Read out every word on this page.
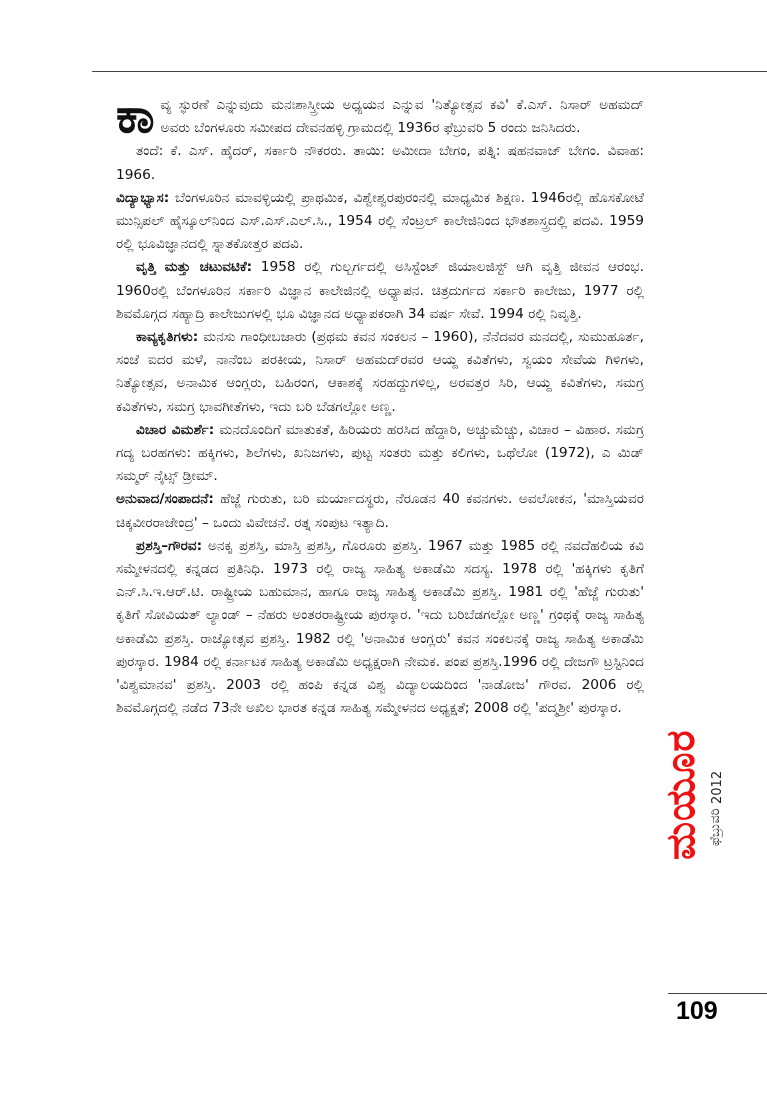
ಕಾವ್ಯ ಸ್ಫುರಣೆ ಎನ್ನುವುದು ಮನಃಶಾಸ್ತ್ರೀಯ ಅಧ್ಯಯನ ಎನ್ನುವ 'ನಿತ್ಯೋತ್ಸವ ಕವಿ' ಕೆ.ಎಸ್. ನಿಸಾರ್ ಅಹಮದ್ ಅವರು ಬೆಂಗಳೂರು ಸಮೀಪದ ದೇವನಹಳ್ಳಿ ಗ್ರಾಮದಲ್ಲಿ 1936ರ ಫೆಬ್ರುವರಿ 5 ರಂದು ಜನಿಸಿದರು.

ತಂದೆ: ಕೆ. ಎಸ್. ಹೈದರ್, ಸರ್ಕಾರಿ ನೌಕರರು. ತಾಯಿ: ಅಮೀದಾ ಬೇಗಂ, ಪತ್ನಿ: ಷಹನವಾಜ್ ಬೇಗಂ. ವಿವಾಹ: 1966.

ವಿದ್ಯಾಭ್ಯಾಸ: ಬೆಂಗಳೂರಿನ ಮಾವಳ್ಳಿಯಲ್ಲಿ ಪ್ರಾಥಮಿಕ, ವಿಶ್ವೇಶ್ವರಪುರಂನಲ್ಲಿ ಮಾಧ್ಯಮಿಕ ಶಿಕ್ಷಣ. 1946ರಲ್ಲಿ ಹೊಸಕೋಟೆ ಮುನ್ಸಿಪಲ್ ಹೈಸ್ಕೂಲ್‌ನಿಂದ ಎಸ್.ಎಸ್.ಎಲ್.ಸಿ., 1954 ರಲ್ಲಿ ಸೆಂಟ್ರಲ್ ಕಾಲೇಜಿನಿಂದ ಭೌತಶಾಸ್ತ್ರದಲ್ಲಿ ಪದವಿ. 1959 ರಲ್ಲಿ ಭೂವಿಜ್ಞಾನದಲ್ಲಿ ಸ್ನಾತಕೋತ್ತರ ಪದವಿ.

ವೃತ್ತಿ ಮತ್ತು ಚಟುವಟಿಕೆ: 1958 ರಲ್ಲಿ ಗುಲ್ಬರ್ಗದಲ್ಲಿ ಅಸಿಸ್ಟೆಂಟ್ ಜಿಯಾಲಜಿಸ್ಟ್ ಆಗಿ ವೃತ್ತಿ ಜೀವನ ಆರಂಭ. 1960ರಲ್ಲಿ ಬೆಂಗಳೂರಿನ ಸರ್ಕಾರಿ ವಿಜ್ಞಾನ ಕಾಲೇಜಿನಲ್ಲಿ ಅಧ್ಯಾಪನ. ಚಿತ್ರದುರ್ಗದ ಸರ್ಕಾರಿ ಕಾಲೇಜು, 1977 ರಲ್ಲಿ ಶಿವಮೊಗ್ಗದ ಸಹ್ಯಾದ್ರಿ ಕಾಲೇಜುಗಳಲ್ಲಿ ಭೂ ವಿಜ್ಞಾನದ ಅಧ್ಯಾಪಕರಾಗಿ 34 ವರ್ಷ ಸೇವೆ. 1994 ರಲ್ಲಿ ನಿವೃತ್ತಿ.

ಕಾವ್ಯಕೃತಿಗಳು: ಮನಸು ಗಾಂಧೀಬಜಾರು (ಪ್ರಥಮ ಕವನ ಸಂಕಲನ – 1960), ನೆನೆದವರ ಮನದಲ್ಲಿ, ಸುಮುಹೂರ್ತ, ಸಂಜೆ ಐದರ ಮಳೆ, ನಾನೆಂಬ ಪರಕೀಯ, ನಿಸಾರ್ ಅಹಮದ್‌ರವರ ಆಯ್ದ ಕವಿತೆಗಳು, ಸ್ವಯಂ ಸೇವೆಯ ಗಿಳಿಗಳು, ನಿತ್ಯೋತ್ಸವ, ಅನಾಮಿಕ ಆಂಗ್ಲರು, ಬಹಿರಂಗ, ಆಕಾಶಕ್ಕೆ ಸರಹದ್ದುಗಳಿಲ್ಲ, ಅರವತ್ತರ ಸಿರಿ, ಆಯ್ದ ಕವಿತೆಗಳು, ಸಮಗ್ರ ಕವಿತೆಗಳು, ಸಮಗ್ರ ಭಾವಗೀತೆಗಳು, ಇದು ಬರಿ ಬೆಡಗಲ್ಲೋ ಅಣ್ಣ.

ವಿಚಾರ ವಿಮರ್ಶೆ: ಮನದೊಂದಿಗೆ ಮಾತುಕತೆ, ಹಿರಿಯರು ಹರಸಿದ ಹೆದ್ದಾರಿ, ಅಚ್ಚುಮೆಚ್ಚು, ವಿಚಾರ – ವಿಹಾರ. ಸಮಗ್ರ ಗದ್ಯ ಬರಹಗಳು: ಹಕ್ಕಿಗಳು, ಶಿಲೆಗಳು, ಖನಿಜಗಳು, ಪುಟ್ಟ ಸಂತರು ಮತ್ತು ಕಲಿಗಳು, ಒಥೆಲೋ (1972), ಎ ಮಿಡ್ ಸಮ್ಮರ್ ನೈಟ್ಸ್ ಡ್ರೀಮ್.

ಅನುವಾದ/ಸಂಪಾದನೆ: ಹೆಜ್ಜೆ ಗುರುತು, ಬರಿ ಮರ್ಯಾದಸ್ಥರು, ನೆರೂಡನ 40 ಕವನಗಳು. ಅವಲೋಕನ, 'ಮಾಸ್ತಿಯವರ ಚಿಕ್ಕವೀರರಾಜೇಂದ್ರ' – ಒಂದು ವಿವೇಚನೆ. ರತ್ನ ಸಂಪುಟ ಇತ್ಯಾದಿ.

ಪ್ರಶಸ್ತಿ–ಗೌರವ: ಅನಕೃ ಪ್ರಶಸ್ತಿ, ಮಾಸ್ತಿ ಪ್ರಶಸ್ತಿ, ಗೊರೂರು ಪ್ರಶಸ್ತಿ. 1967 ಮತ್ತು 1985 ರಲ್ಲಿ ನವದೆಹಲಿಯ ಕವಿ ಸಮ್ಮೇಳನದಲ್ಲಿ ಕನ್ನಡದ ಪ್ರತಿನಿಧಿ. 1973 ರಲ್ಲಿ ರಾಜ್ಯ ಸಾಹಿತ್ಯ ಅಕಾಡೆಮಿ ಸದಸ್ಯ. 1978 ರಲ್ಲಿ 'ಹಕ್ಕಿಗಳು ಕೃತಿಗೆ ಎನ್.ಸಿ.ಇ.ಆರ್.ಟಿ. ರಾಷ್ಟ್ರೀಯ ಬಹುಮಾನ, ಹಾಗೂ ರಾಜ್ಯ ಸಾಹಿತ್ಯ ಅಕಾಡೆಮಿ ಪ್ರಶಸ್ತಿ. 1981 ರಲ್ಲಿ 'ಹೆಜ್ಜೆ ಗುರುತು' ಕೃತಿಗೆ ಸೋವಿಯತ್ ಲ್ಯಾಂಡ್ – ನೆಹರು ಅಂತರರಾಷ್ಟ್ರೀಯ ಪುರಸ್ಕಾರ. 'ಇದು ಬರಿಬೆಡಗಲ್ಲೋ ಅಣ್ಣ' ಗ್ರಂಥಕ್ಕೆ ರಾಜ್ಯ ಸಾಹಿತ್ಯ ಅಕಾಡೆಮಿ ಪ್ರಶಸ್ತಿ. ರಾಜ್ಯೋತ್ಸವ ಪ್ರಶಸ್ತಿ. 1982 ರಲ್ಲಿ 'ಅನಾಮಿಕ ಆಂಗ್ಲರು' ಕವನ ಸಂಕಲನಕ್ಕೆ ರಾಜ್ಯ ಸಾಹಿತ್ಯ ಅಕಾಡೆಮಿ ಪುರಸ್ಕಾರ. 1984 ರಲ್ಲಿ ಕರ್ನಾಟಕ ಸಾಹಿತ್ಯ ಅಕಾಡೆಮಿ ಅಧ್ಯಕ್ಷರಾಗಿ ನೇಮಕ. ಪಂಪ ಪ್ರಶಸ್ತಿ.1996 ರಲ್ಲಿ ದೇಜಗೌ ಟ್ರಸ್ಟಿನಿಂದ 'ವಿಶ್ವಮಾನವ' ಪ್ರಶಸ್ತಿ. 2003 ರಲ್ಲಿ ಹಂಪಿ ಕನ್ನಡ ವಿಶ್ವ ವಿದ್ಯಾಲಯದಿಂದ 'ನಾಡೋಜ' ಗೌರವ. 2006 ರಲ್ಲಿ ಶಿವಮೊಗ್ಗದಲ್ಲಿ ನಡೆದ 73ನೇ ಅಖಿಲ ಭಾರತ ಕನ್ನಡ ಸಾಹಿತ್ಯ ಸಮ್ಮೇಳನದ ಅಧ್ಯಕ್ಷತೆ; 2008 ರಲ್ಲಿ 'ಪದ್ಮಶ್ರೀ' ಪುರಸ್ಕಾರ.

2012
ಫೆಬ್ರುವರಿ
ಮಯೂರ
109
